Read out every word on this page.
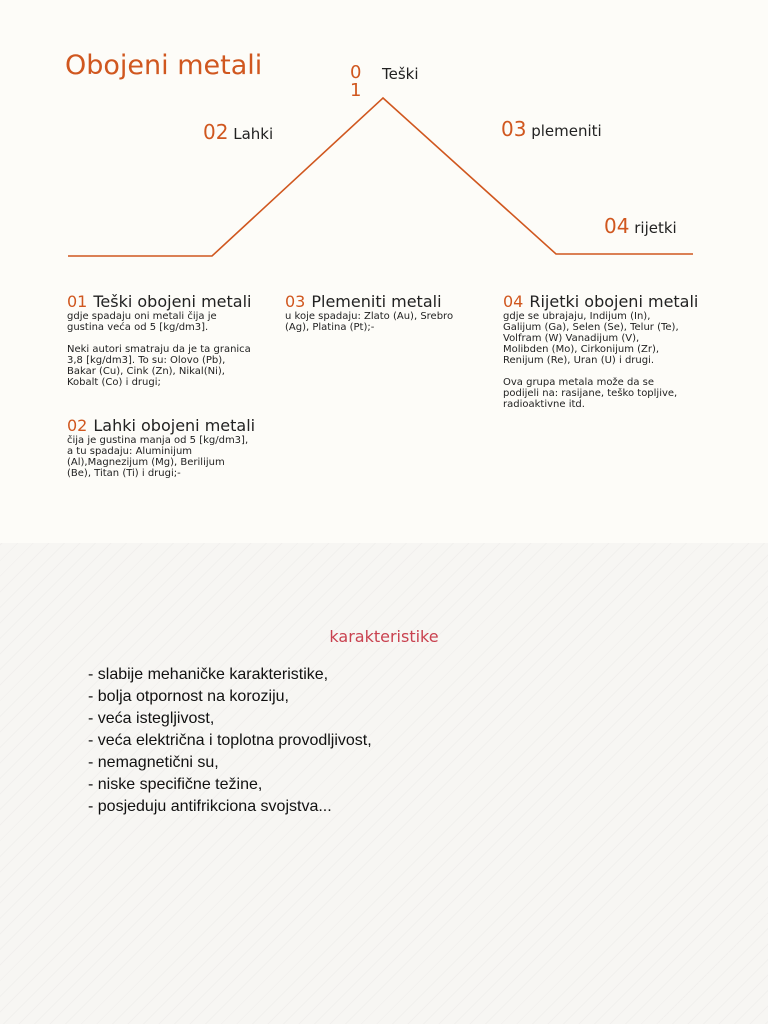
Obojeni metali	01
Teški
02 Lahki	03 plemeniti
04 rijetki
01 Teški obojeni metali

gdje spadaju oni metali čija je
gustina veća od 5 [kg/dm3].

Neki autori smatraju da je ta granica
3,8 [kg/dm3]. To su: Olovo (Pb),
Bakar (Cu), Cink (Zn), Nikal(Ni),
Kobalt (Co) i drugi;

02 Lahki obojeni metali

čija je gustina manja od 5 [kg/dm3],
a tu spadaju: Aluminijum
(Al),Magnezijum (Mg), Berilijum
(Be), Titan (Ti) i drugi;-

03 Plemeniti metali

u koje spadaju: Zlato (Au), Srebro
(Ag), Platina (Pt);-

04 Rijetki obojeni metali

gdje se ubrajaju, Indijum (In),
Galijum (Ga), Selen (Se), Telur (Te),
Volfram (W) Vanadijum (V),
Molibden (Mo), Cirkonijum (Zr),
Renijum (Re), Uran (U) i drugi.

Ova grupa metala može da se
podijeli na: rasijane, teško topljive,
radioaktivne itd.

karakteristike
- slabije mehaničke karakteristike,
- bolja otpornost na koroziju,
- veća istegljivost,
- veća električna i toplotna provodljivost,
- nemagnetični su,
- niske specifične težine,
- posjeduju antifrikciona svojstva...
